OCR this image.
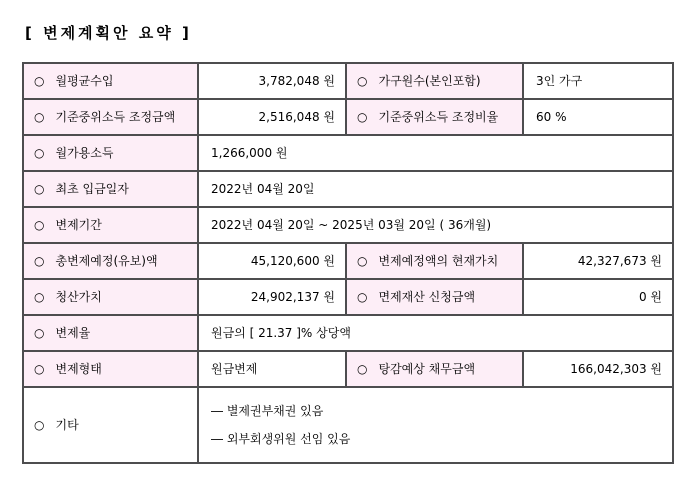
[ 변제계획안 요약 ]
○ 월평균수입	3,782,048 원	○ 가구원수(본인포함)	3인 가구
○ 기준중위소득 조정금액	2,516,048 원	○ 기준중위소득 조정비율	60 %
○ 월가용소득	1,266,000 원		
○ 최초 입금일자	2022년 04월 20일		
○ 변제기간	2022년 04월 20일 ~ 2025년 03월 20일 ( 36개월)		
○ 총변제예정(유보)액	45,120,600 원	○ 변제예정액의 현재가치	42,327,673 원
○ 청산가치	24,902,137 원	○ 면제재산 신청금액	0 원
○ 변제율	원금의 [ 21.37 ]% 상당액		
○ 변제형태	원금변제	○ 탕감예상 채무금액	166,042,303 원
○ 기타	― 별제권부채권 있음
― 외부회생위원 선임 있음		
